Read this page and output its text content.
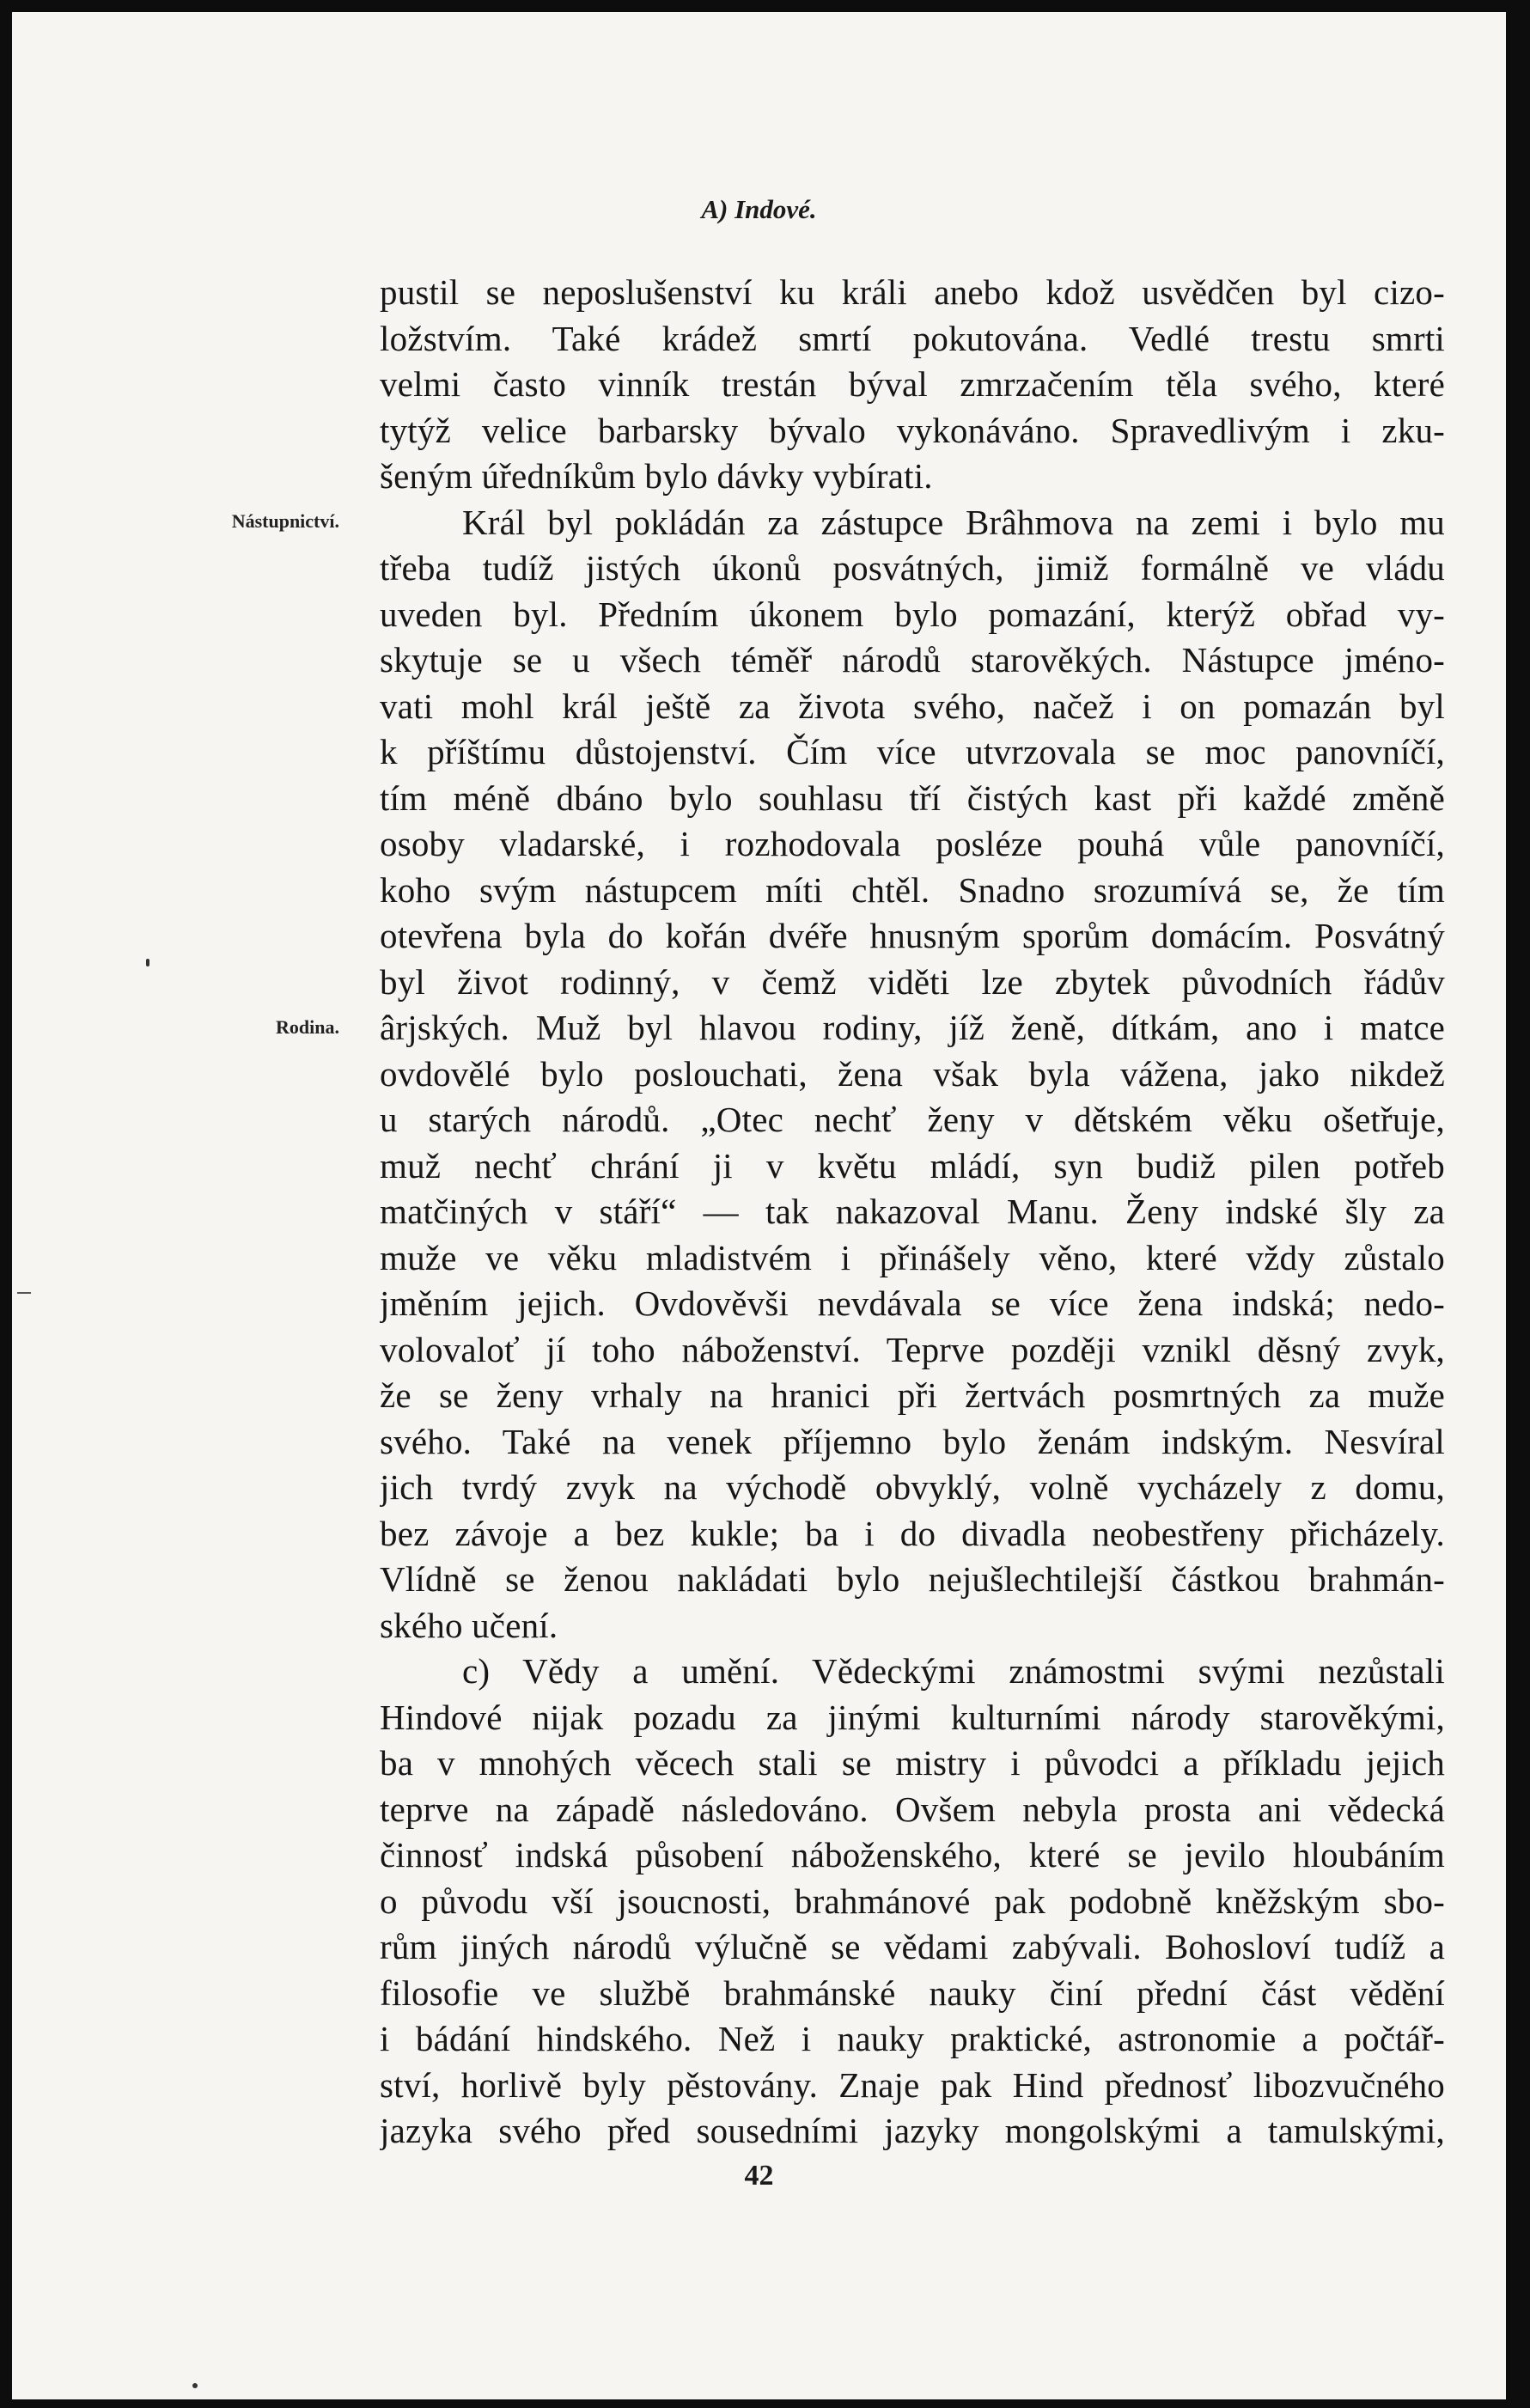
A) Indové.
Nástupnictví.
Rodina.
pustil se neposlušenství ku králi anebo kdož usvědčen byl cizo-
ložstvím. Také krádež smrtí pokutována. Vedlé trestu smrti
velmi často vinník trestán býval zmrzačením těla svého, které
tytýž velice barbarsky bývalo vykonáváno. Spravedlivým i zku-
šeným úředníkům bylo dávky vybírati.
Král byl pokládán za zástupce Brâhmova na zemi i bylo mu
třeba tudíž jistých úkonů posvátných, jimiž formálně ve vládu
uveden byl. Předním úkonem bylo pomazání, kterýž obřad vy-
skytuje se u všech téměř národů starověkých. Nástupce jméno-
vati mohl král ještě za života svého, načež i on pomazán byl
k příštímu důstojenství. Čím více utvrzovala se moc panovníčí,
tím méně dbáno bylo souhlasu tří čistých kast při každé změně
osoby vladarské, i rozhodovala posléze pouhá vůle panovníčí,
koho svým nástupcem míti chtěl. Snadno srozumívá se, že tím
otevřena byla do kořán dvéře hnusným sporům domácím. Posvátný
byl život rodinný, v čemž viděti lze zbytek původních řádův
ârjských. Muž byl hlavou rodiny, jíž ženě, dítkám, ano i matce
ovdovělé bylo poslouchati, žena však byla vážena, jako nikdež
u starých národů. „Otec nechť ženy v dětském věku ošetřuje,
muž nechť chrání ji v květu mládí, syn budiž pilen potřeb
matčiných v stáří“ — tak nakazoval Manu. Ženy indské šly za
muže ve věku mladistvém i přinášely věno, které vždy zůstalo
jměním jejich. Ovdověvši nevdávala se více žena indská; nedo-
volovaloť jí toho náboženství. Teprve později vznikl děsný zvyk,
že se ženy vrhaly na hranici při žertvách posmrtných za muže
svého. Také na venek příjemno bylo ženám indským. Nesvíral
jich tvrdý zvyk na východě obvyklý, volně vycházely z domu,
bez závoje a bez kukle; ba i do divadla neobestřeny přicházely.
Vlídně se ženou nakládati bylo nejušlechtilejší částkou brahmán-
ského učení.
c) Vědy a umění. Vědeckými známostmi svými nezůstali
Hindové nijak pozadu za jinými kulturními národy starověkými,
ba v mnohých věcech stali se mistry i původci a příkladu jejich
teprve na západě následováno. Ovšem nebyla prosta ani vědecká
činnosť indská působení náboženského, které se jevilo hloubáním
o původu vší jsoucnosti, brahmánové pak podobně kněžským sbo-
rům jiných národů výlučně se vědami zabývali. Bohosloví tudíž a
filosofie ve službě brahmánské nauky činí přední část vědění
i bádání hindského. Než i nauky praktické, astronomie a počtář-
ství, horlivě byly pěstovány. Znaje pak Hind přednosť libozvučného
jazyka svého před sousedními jazyky mongolskými a tamulskými,
42
